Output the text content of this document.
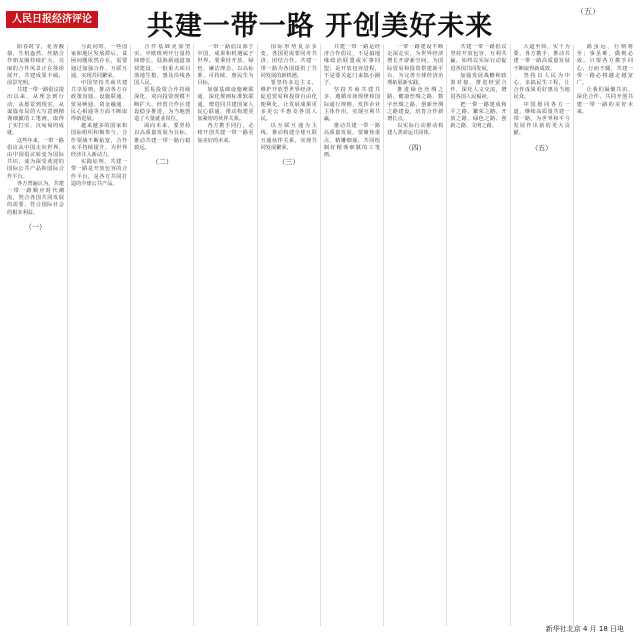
人民日报经济评论	共建一带一路 开创美好未来	（五）

阳春时节，花香馥郁，生机盎然。丝路合作朋友圈持续扩大，亮丽的合作风景正在徐徐展开，共建成果丰硕，前景光明。

共建一带一路倡议提出以来，从理念到行动，从愿景到现实，从谋篇布局的大写意到精谨细腻的工笔画，取得了实打实、沉甸甸的成就。

这些年来，一带一路倡议从中国走向世界，由中国倡议转变为国际共识，成为深受欢迎的国际公共产品和国际合作平台。

各方普遍认为，共建一带一路顺应时代潮流，契合各国共同发展的需要，符合国际社会的根本利益。

（一）

与此同时，一些国家和地区发展滞后，贫困问题依然存在，需要通过加强合作、互联互通，实现共同繁荣。

中国坚持共商共建共享原则，推动各方在政策沟通、设施联通、贸易畅通、资金融通、民心相通等方面不断取得新进展。

越来越多的国家和国际组织积极参与，合作领域不断拓宽，合作水平持续提升，为世界经济注入新动力。

实践证明，共建一带一路是开放包容的合作平台，是各方共同打造的全球公共产品。

合作基础更加坚实。中欧班列开行量持续增长，陆海新通道加快建设，一批重大项目落地生根，惠及沿线各国人民。

贸易投资合作持续深化，双向投资规模不断扩大，经贸合作区建设稳步推进，为当地创造了大量就业岗位。

面向未来，要坚持以高质量发展为目标，推动共建一带一路行稳致远。

（二）

一带一路倡议源于中国，成果和机遇属于世界。要秉持开放、绿色、廉洁理念，以高标准、可持续、惠民生为目标。

加强基础设施硬联通，深化规则标准软联通，增进同共建国家人民心联通，推动构建更加紧密的伙伴关系。

各方携手同行，必将开创共建一带一路更加美好的未来。

国际形势复杂多变，各国更需要同舟共济、团结合作。共建一带一路为各国提供了共同发展的新机遇。

要坚持多边主义，维护开放型世界经济，促进贸易和投资自由化便利化，让发展成果更多更公平惠及各国人民。

以互联互通为主线，推动构建全球互联互通伙伴关系，实现共同发展繁荣。

（三）

共建一带一路是经济合作倡议，不是搞地缘政治联盟或军事同盟；是开放包容进程，不是要关起门来搞小圈子。

坚持共商共建共享，遵循市场规律和国际通行规则，发挥企业主体作用，实现互利共赢。

推动共建一带一路高质量发展，要聚焦重点、精雕细琢，共同绘制好精谨细腻的工笔画。

一带一路建设不断走深走实，为世界经济增长开辟新空间，为国际贸易和投资搭建新平台，为完善全球经济治理拓展新实践。

推进绿色丝绸之路、健康丝绸之路、数字丝绸之路、创新丝绸之路建设，培育合作新增长点。

以实际行动推动构建人类命运共同体。

（四）

共建一带一路倡议坚持开放包容、互利共赢，始终以实际行动促进各国共同发展。

加强发展战略和政策对接，推进经贸合作，深化人文交流，增进各国人民福祉。

把一带一路建成和平之路、繁荣之路、开放之路、绿色之路、创新之路、文明之路。

大道至简，实干为要。各方携手，推动共建一带一路高质量发展不断取得新成效。

坚持以人民为中心，多搞民生工程，让合作成果更好惠及当地民众。

中国愿同各方一道，继续高质量共建一带一路，为世界和平与发展作出新的更大贡献。

（五）

路虽远，行则将至；事虽难，做则必成。只要各方携手同心、行而不辍，共建一带一路必将越走越宽广。

让我们凝聚共识、深化合作，共同开创共建一带一路的美好未来。

新华社北京 4 月 18 日电
